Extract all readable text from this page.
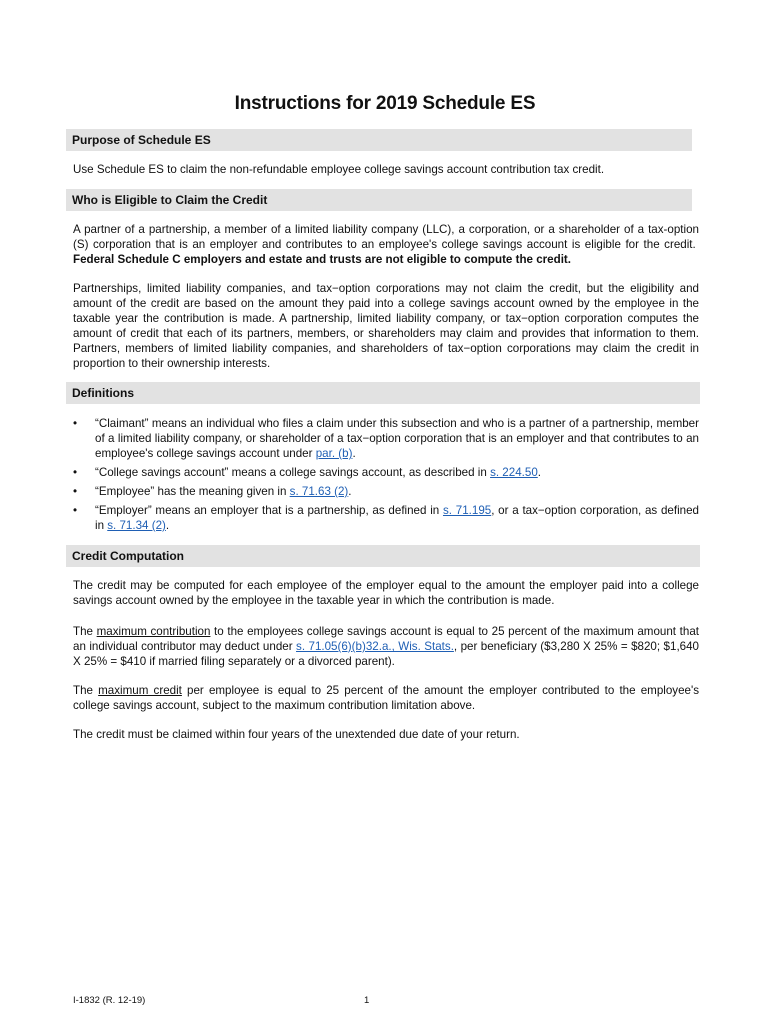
Instructions for 2019 Schedule ES
Purpose of Schedule ES
Use Schedule ES to claim the non-refundable employee college savings account contribution tax credit.
Who is Eligible to Claim the Credit
A partner of a partnership, a member of a limited liability company (LLC), a corporation, or a shareholder of a tax-option (S) corporation that is an employer and contributes to an employee's college savings account is eligible for the credit.  Federal Schedule C employers and estate and trusts are not eligible to compute the credit.
Partnerships, limited liability companies, and tax−option corporations may not claim the credit, but the eligibility and amount of the credit are based on the amount they paid into a college savings account owned by the employee in the taxable year the contribution is made. A partnership, limited liability company, or tax−option corporation computes the amount of credit that each of its partners, members, or shareholders may claim and provides that information to them. Partners, members of limited liability companies, and shareholders of tax−option corporations may claim the credit in proportion to their ownership interests.
Definitions
• “Claimant” means an individual who files a claim under this subsection and who is a partner of a partnership, member of a limited liability company, or shareholder of a tax−option corporation that is an employer and that contributes to an employee's college savings account under par. (b).
• “College savings account” means a college savings account, as described in s. 224.50.
• “Employee” has the meaning given in s. 71.63 (2).
• “Employer” means an employer that is a partnership, as defined in s. 71.195, or a tax−option corporation, as defined in s. 71.34 (2).
Credit Computation
The credit may be computed for each employee of the employer equal to the amount the employer paid into a college savings account owned by the employee in the taxable year in which the contribution is made.
The maximum contribution to the employees college savings account is equal to 25 percent of the maximum amount that an individual contributor may deduct under s. 71.05(6)(b)32.a., Wis. Stats., per beneficiary ($3,280 X 25% = $820; $1,640 X 25% = $410 if married filing separately or a divorced parent).
The maximum credit per employee is equal to 25 percent of the amount the employer contributed to the employee's college savings account, subject to the maximum contribution limitation above.
The credit must be claimed within four years of the unextended due date of your return.
I-1832 (R. 12-19)	1
